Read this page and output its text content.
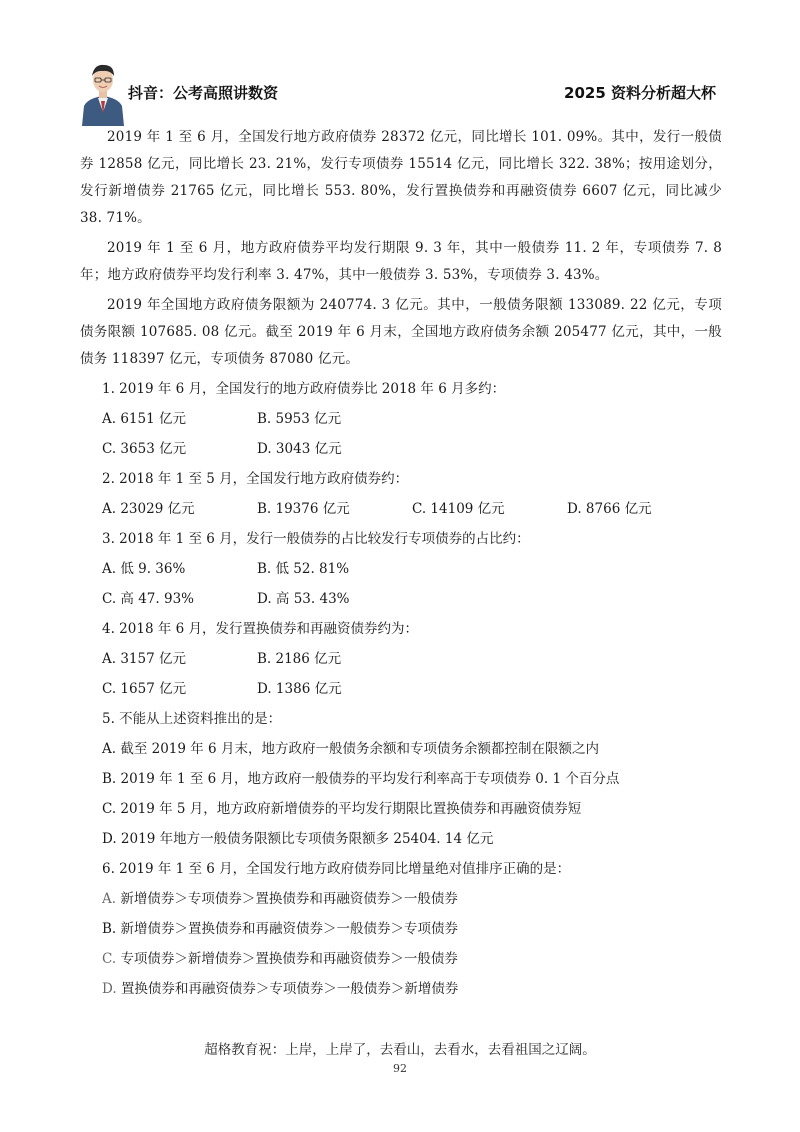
抖音：公考高照讲数资	2025 资料分析超大杯

2019 年 1 至 6 月，全国发行地方政府债券 28372 亿元，同比增长 101. 09%。其中，发行一般债券 12858 亿元，同比增长 23. 21%，发行专项债券 15514 亿元，同比增长 322. 38%；按用途划分，发行新增债券 21765 亿元，同比增长 553. 80%，发行置换债券和再融资债券 6607 亿元，同比减少 38. 71%。

2019 年 1 至 6 月，地方政府债券平均发行期限 9. 3 年，其中一般债券 11. 2 年，专项债券 7. 8 年；地方政府债券平均发行利率 3. 47%，其中一般债券 3. 53%，专项债券 3. 43%。

2019 年全国地方政府债务限额为 240774. 3 亿元。其中，一般债务限额 133089. 22 亿元，专项债务限额 107685. 08 亿元。截至 2019 年 6 月末，全国地方政府债务余额 205477 亿元，其中，一般债务 118397 亿元，专项债务 87080 亿元。

1. 2019 年 6 月，全国发行的地方政府债券比 2018 年 6 月多约：
A. 6151 亿元	B. 5953 亿元
C. 3653 亿元	D. 3043 亿元
2. 2018 年 1 至 5 月，全国发行地方政府债券约：
A. 23029 亿元	B. 19376 亿元	C. 14109 亿元	D. 8766 亿元
3. 2018 年 1 至 6 月，发行一般债券的占比较发行专项债券的占比约：
A. 低 9. 36%	B. 低 52. 81%
C. 高 47. 93%	D. 高 53. 43%
4. 2018 年 6 月，发行置换债券和再融资债券约为：
A. 3157 亿元	B. 2186 亿元
C. 1657 亿元	D. 1386 亿元
5. 不能从上述资料推出的是：
A. 截至 2019 年 6 月末，地方政府一般债务余额和专项债务余额都控制在限额之内
B. 2019 年 1 至 6 月，地方政府一般债券的平均发行利率高于专项债券 0. 1 个百分点
C. 2019 年 5 月，地方政府新增债券的平均发行期限比置换债券和再融资债券短
D. 2019 年地方一般债务限额比专项债务限额多 25404. 14 亿元
6. 2019 年 1 至 6 月，全国发行地方政府债券同比增量绝对值排序正确的是：
A. 新增债券＞专项债券＞置换债券和再融资债券＞一般债券
B. 新增债券＞置换债券和再融资债券＞一般债券＞专项债券
C. 专项债券＞新增债券＞置换债券和再融资债券＞一般债券
D. 置换债券和再融资债券＞专项债券＞一般债券＞新增债券
超格教育祝：上岸，上岸了，去看山，去看水，去看祖国之辽阔。
92
